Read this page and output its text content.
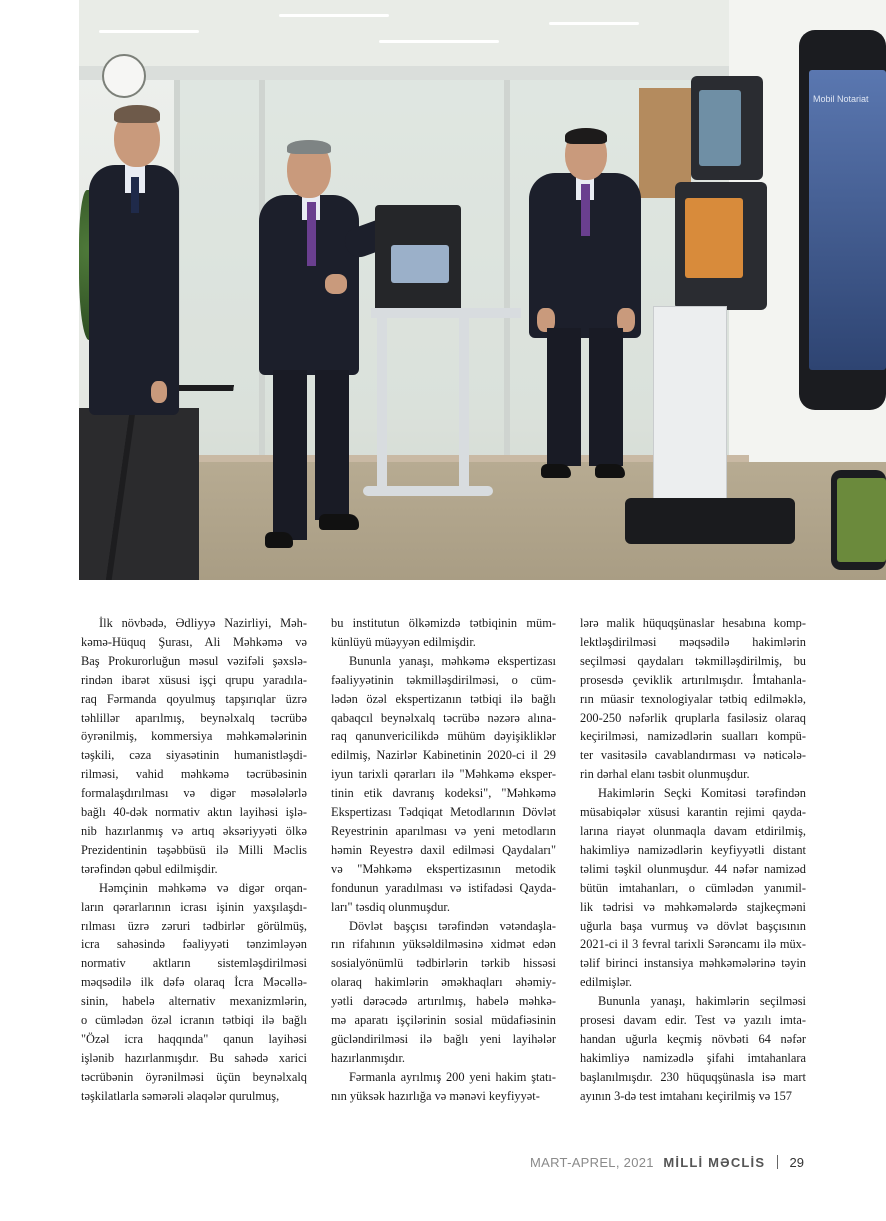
Mobil Notariat

İlk növbədə, Ədliyyə Nazirliyi, Məh-
kəmə-Hüquq Şurası, Ali Məhkəmə və
Baş Prokurorluğun məsul vəzifəli şəxslə-
rindən ibarət xüsusi işçi qrupu yaradıla-
raq Fərmanda qoyulmuş tapşırıqlar üzrə
təhlillər aparılmış, beynəlxalq təcrübə
öyrənilmiş, kommersiya məhkəmələrinin
təşkili, cəza siyasətinin humanistləşdi-
rilməsi, vahid məhkəmə təcrübəsinin
formalaşdırılması və digər məsələlərlə
bağlı 40-dək normativ aktın layihəsi işlə-
nib hazırlanmış və artıq əksəriyyəti ölkə
Prezidentinin təşəbbüsü ilə Milli Məclis
tərəfindən qəbul edilmişdir.

Həmçinin məhkəmə və digər orqan-
ların qərarlarının icrası işinin yaxşılaşdı-
rılması üzrə zəruri tədbirlər görülmüş,
icra sahəsində fəaliyyəti tənzimləyən
normativ aktların sistemləşdirilməsi
məqsədilə ilk dəfə olaraq İcra Məcəllə-
sinin, habelə alternativ mexanizmlərin,
o cümlədən özəl icranın tətbiqi ilə bağlı
"Özəl icra haqqında" qanun layihəsi
işlənib hazırlanmışdır. Bu sahədə xarici
təcrübənin öyrənilməsi üçün beynəlxalq
təşkilatlarla səmərəli əlaqələr qurulmuş,

bu institutun ölkəmizdə tətbiqinin müm-
künlüyü müəyyən edilmişdir.

Bununla yanaşı, məhkəmə ekspertizası
fəaliyyətinin təkmilləşdirilməsi, o cüm-
lədən özəl ekspertizanın tətbiqi ilə bağlı
qabaqcıl beynəlxalq təcrübə nəzərə alına-
raq qanunvericilikdə mühüm dəyişikliklər
edilmiş, Nazirlər Kabinetinin 2020-ci il 29
iyun tarixli qərarları ilə "Məhkəmə eksper-
tinin etik davranış kodeksi", "Məhkəmə
Ekspertizası Tədqiqat Metodlarının Dövlət
Reyestrinin aparılması və yeni metodların
həmin Reyestrə daxil edilməsi Qaydaları"
və "Məhkəmə ekspertizasının metodik
fondunun yaradılması və istifadəsi Qayda-
ları" təsdiq olunmuşdur.

Dövlət başçısı tərəfindən vətəndaşla-
rın rifahının yüksəldilməsinə xidmət edən
sosialyönümlü tədbirlərin tərkib hissəsi
olaraq hakimlərin əməkhaqları əhəmiy-
yətli dərəcədə artırılmış, habelə məhkə-
mə aparatı işçilərinin sosial müdafiəsinin
gücləndirilməsi ilə bağlı yeni layihələr
hazırlanmışdır.

Fərmanla ayrılmış 200 yeni hakim ştatı-
nın yüksək hazırlığa və mənəvi keyfiyyət-

lərə malik hüquqşünaslar hesabına komp-
lektləşdirilməsi məqsədilə hakimlərin
seçilməsi qaydaları təkmilləşdirilmiş, bu
prosesdə çeviklik artırılmışdır. İmtahanla-
rın müasir texnologiyalar tətbiq edilməklə,
200-250 nəfərlik qruplarla fasiləsiz olaraq
keçirilməsi, namizədlərin sualları kompü-
ter vasitəsilə cavablandırması və nəticələ-
rin dərhal elanı təsbit olunmuşdur.

Hakimlərin Seçki Komitəsi tərəfindən
müsabiqələr xüsusi karantin rejimi qayda-
larına riayət olunmaqla davam etdirilmiş,
hakimliyə namizədlərin keyfiyyətli distant
təlimi təşkil olunmuşdur. 44 nəfər namizəd
bütün imtahanları, o cümlədən yanımil-
lik tədrisi və məhkəmələrdə stajkeçməni
uğurla başa vurmuş və dövlət başçısının
2021-ci il 3 fevral tarixli Sərəncamı ilə müx-
təlif birinci instansiya məhkəmələrinə təyin
edilmişlər.

Bununla yanaşı, hakimlərin seçilməsi
prosesi davam edir. Test və yazılı imta-
handan uğurla keçmiş növbəti 64 nəfər
hakimliyə namizədlə şifahi imtahanlara
başlanılmışdır. 230 hüquqşünasla isə mart
ayının 3-də test imtahanı keçirilmiş və 157

MART-APREL, 2021 MİLLİ MƏCLİS 29
